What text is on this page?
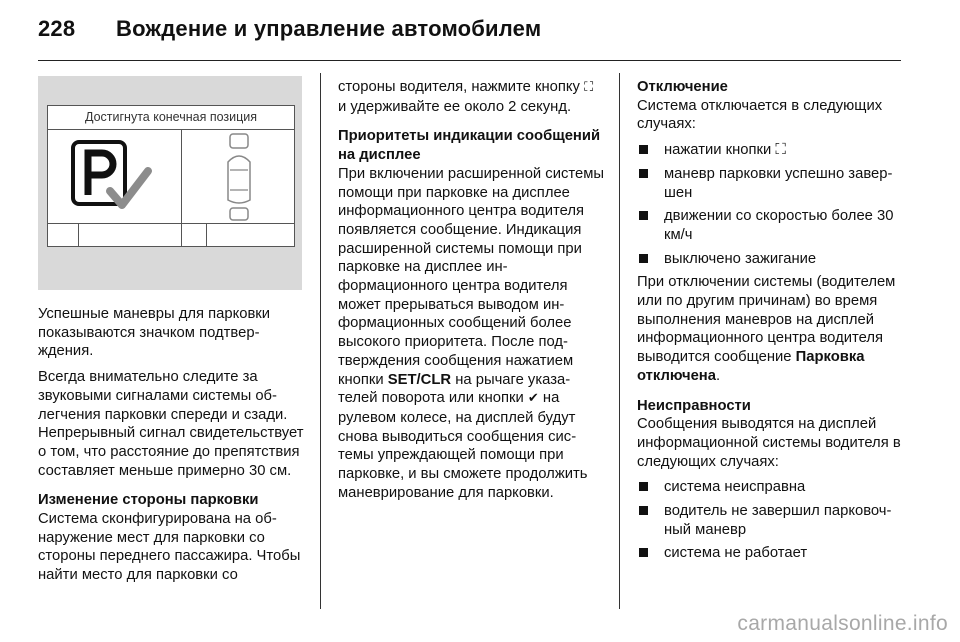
228 Вождение и управление автомобилем
Достигнута конечная позиция

Успешные маневры для парковки показываются значком подтверждения.

Всегда внимательно следите за звуковыми сигналами системы облегчения парковки спереди и сзади. Непрерывный сигнал свидетельствует о том, что расстояние до препятствия составляет меньше примерно 30 см.

Изменение стороны парковки

Система сконфигурирована на обнаружение мест для парковки со стороны переднего пассажира. Чтобы найти место для парковки со

стороны водителя, нажмите кнопку ⛶ и удерживайте ее около 2 секунд.

Приоритеты индикации сообщений на дисплее

При включении расширенной системы помощи при парковке на дисплее информационного центра водителя появляется сообщение. Индикация расширенной системы помощи при парковке на дисплее информационного центра водителя может прерываться выводом информационных сообщений более высокого приоритета. После подтверждения сообщения нажатием кнопки SET/CLR на рычаге указателей поворота или кнопки ✔ на рулевом колесе, на дисплей будут снова выводиться сообщения системы упреждающей помощи при парковке, и вы сможете продолжить маневрирование для парковки.

Отключение

Система отключается в следующих случаях:

нажатии кнопки ⛶
маневр парковки успешно завершен
движении со скоростью более 30 км/ч
выключено зажигание

При отключении системы (водителем или по другим причинам) во время выполнения маневров на дисплей информационного центра водителя выводится сообщение Парковка отключена.

Неисправности

Сообщения выводятся на дисплей информационной системы водителя в следующих случаях:

система неисправна
водитель не завершил парковочный маневр
система не работает
carmanualsonline.info
